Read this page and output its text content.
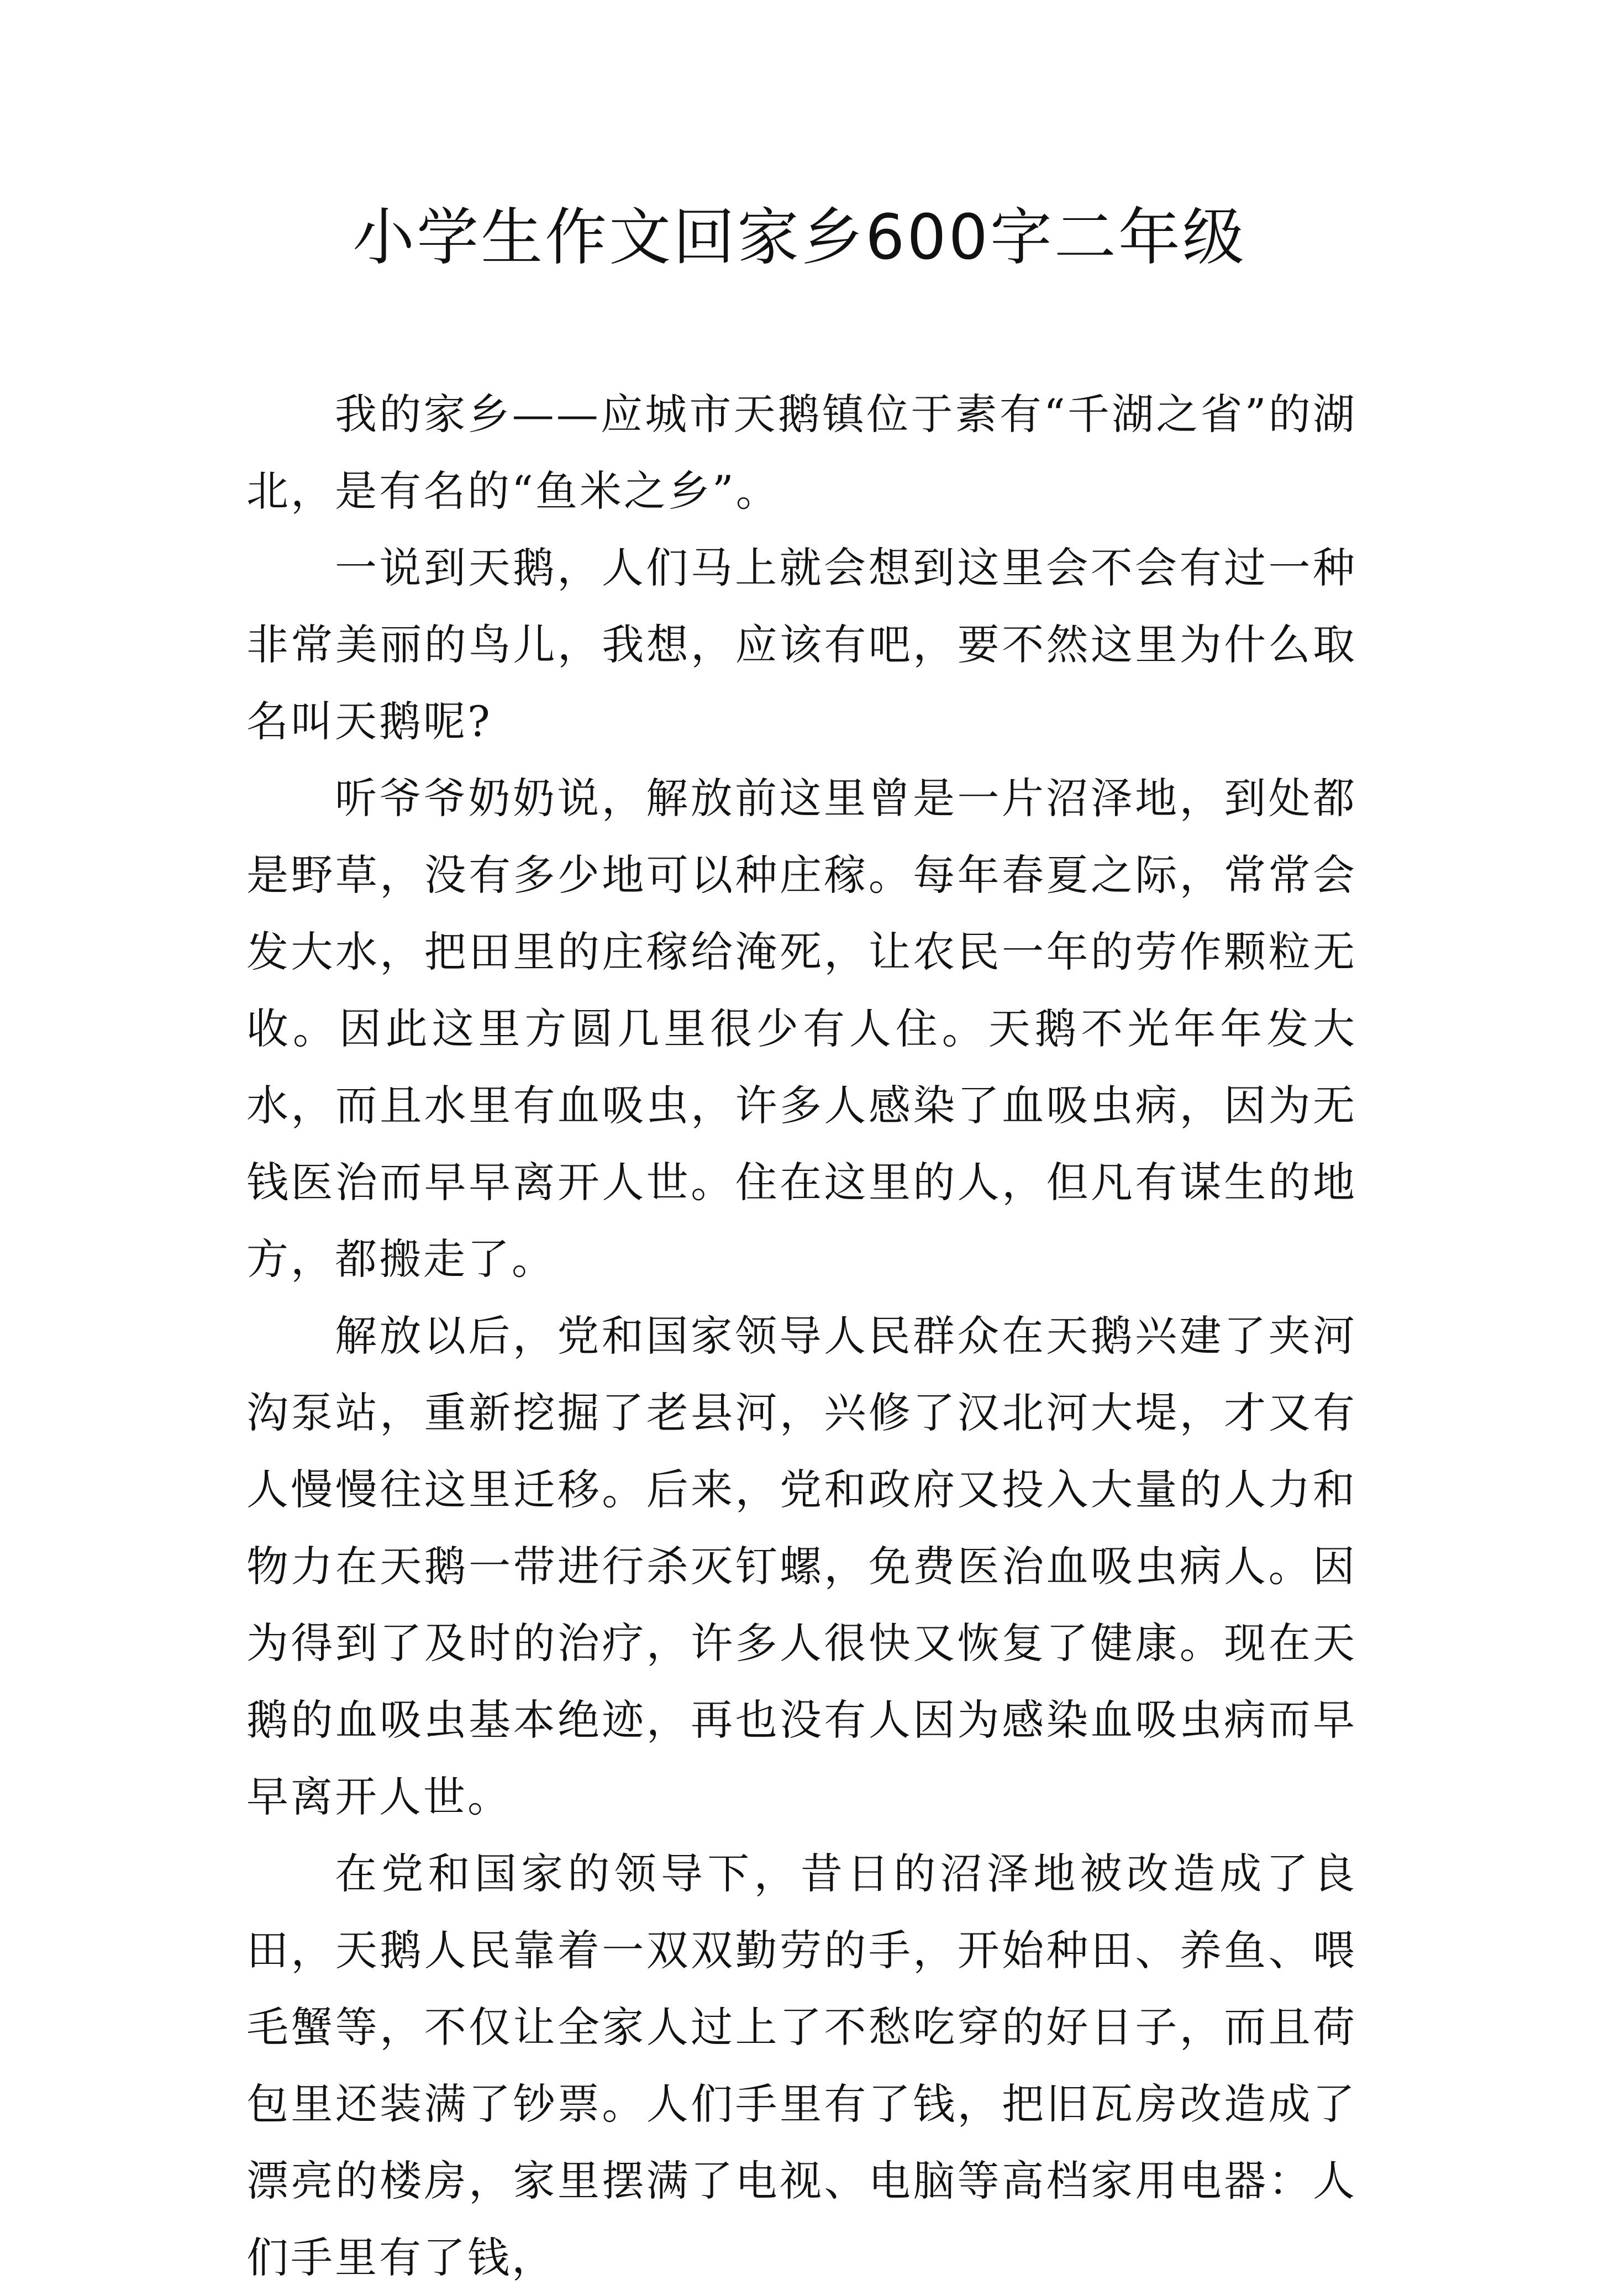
小学生作文回家乡600字二年级

我的家乡——应城市天鹅镇位于素有“千湖之省”的湖北，是有名的“鱼米之乡”。

一说到天鹅，人们马上就会想到这里会不会有过一种非常美丽的鸟儿，我想，应该有吧，要不然这里为什么取名叫天鹅呢?

听爷爷奶奶说，解放前这里曾是一片沼泽地，到处都是野草，没有多少地可以种庄稼。每年春夏之际，常常会发大水，把田里的庄稼给淹死，让农民一年的劳作颗粒无收。因此这里方圆几里很少有人住。天鹅不光年年发大水，而且水里有血吸虫，许多人感染了血吸虫病，因为无钱医治而早早离开人世。住在这里的人，但凡有谋生的地方，都搬走了。

解放以后，党和国家领导人民群众在天鹅兴建了夹河沟泵站，重新挖掘了老县河，兴修了汉北河大堤，才又有人慢慢往这里迁移。后来，党和政府又投入大量的人力和物力在天鹅一带进行杀灭钉螺，免费医治血吸虫病人。因为得到了及时的治疗，许多人很快又恢复了健康。现在天鹅的血吸虫基本绝迹，再也没有人因为感染血吸虫病而早早离开人世。

在党和国家的领导下，昔日的沼泽地被改造成了良田，天鹅人民靠着一双双勤劳的手，开始种田、养鱼、喂毛蟹等，不仅让全家人过上了不愁吃穿的好日子，而且荷包里还装满了钞票。人们手里有了钱，把旧瓦房改造成了漂亮的楼房，家里摆满了电视、电脑等高档家用电器：人们手里有了钱，
